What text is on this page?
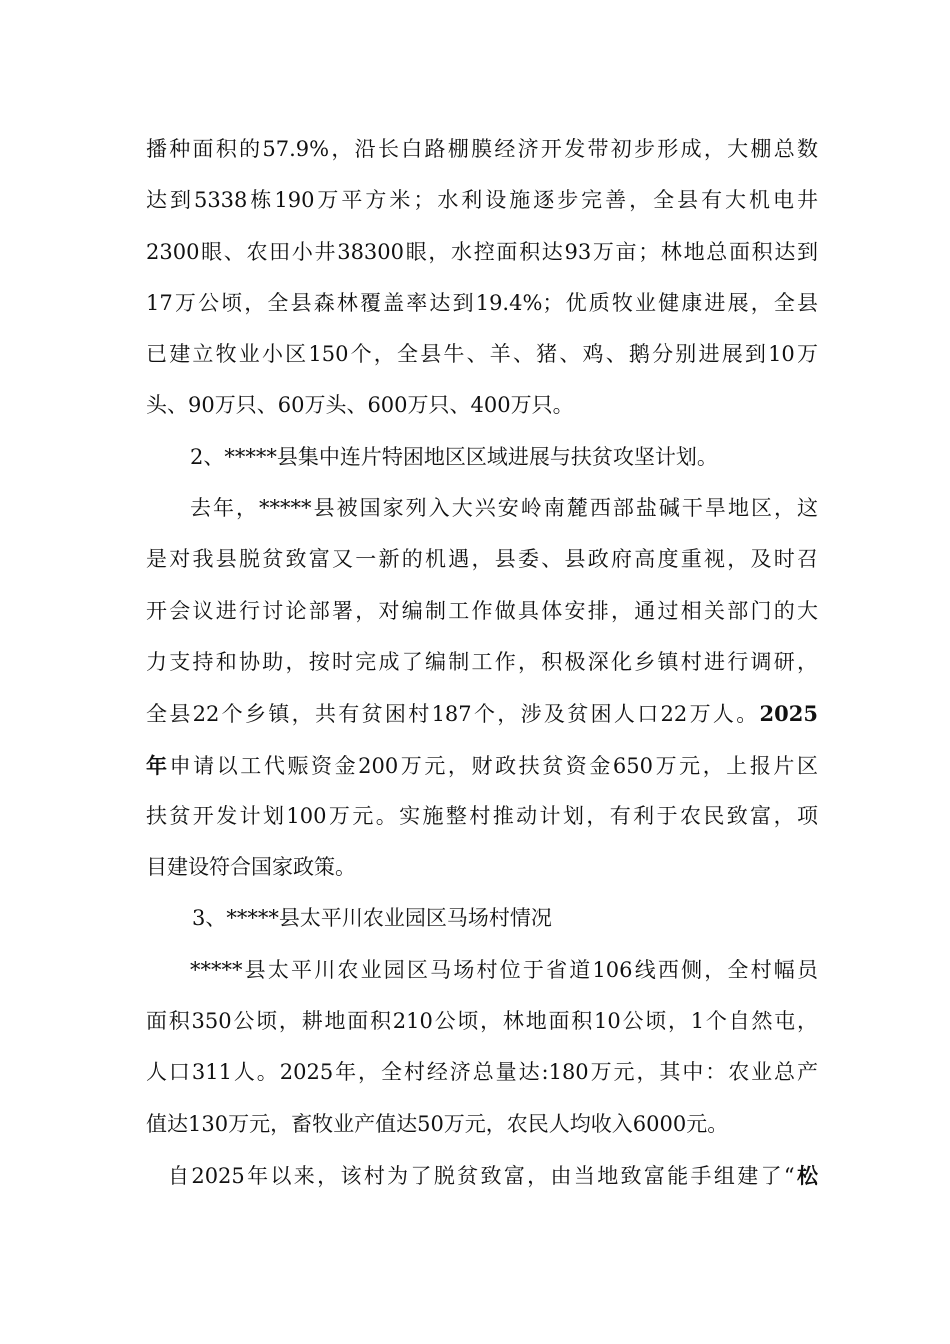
播种面积的57.9%，沿长白路棚膜经济开发带初步形成，大棚总数
达到5338栋190万平方米；水利设施逐步完善，全县有大机电井
2300眼、农田小井38300眼，水控面积达93万亩；林地总面积达到
17万公顷，全县森林覆盖率达到19.4%；优质牧业健康进展，全县
已建立牧业小区150个，全县牛、羊、猪、鸡、鹅分别进展到10万
头、90万只、60万头、600万只、400万只。
2、*****县集中连片特困地区区域进展与扶贫攻坚计划。
去年，*****县被国家列入大兴安岭南麓西部盐碱干旱地区，这
是对我县脱贫致富又一新的机遇，县委、县政府高度重视，及时召
开会议进行讨论部署，对编制工作做具体安排，通过相关部门的大
力支持和协助，按时完成了编制工作，积极深化乡镇村进行调研，
全县22个乡镇，共有贫困村187个，涉及贫困人口22万人。2025
年申请以工代赈资金200万元，财政扶贫资金650万元，上报片区
扶贫开发计划100万元。实施整村推动计划，有利于农民致富，项
目建设符合国家政策。
3、*****县太平川农业园区马场村情况
*****县太平川农业园区马场村位于省道106线西侧，全村幅员
面积350公顷，耕地面积210公顷，林地面积10公顷，1个自然屯，
人口311人。2025年，全村经济总量达:180万元，其中：农业总产
值达130万元，畜牧业产值达50万元，农民人均收入6000元。
自2025年以来，该村为了脱贫致富，由当地致富能手组建了“松
